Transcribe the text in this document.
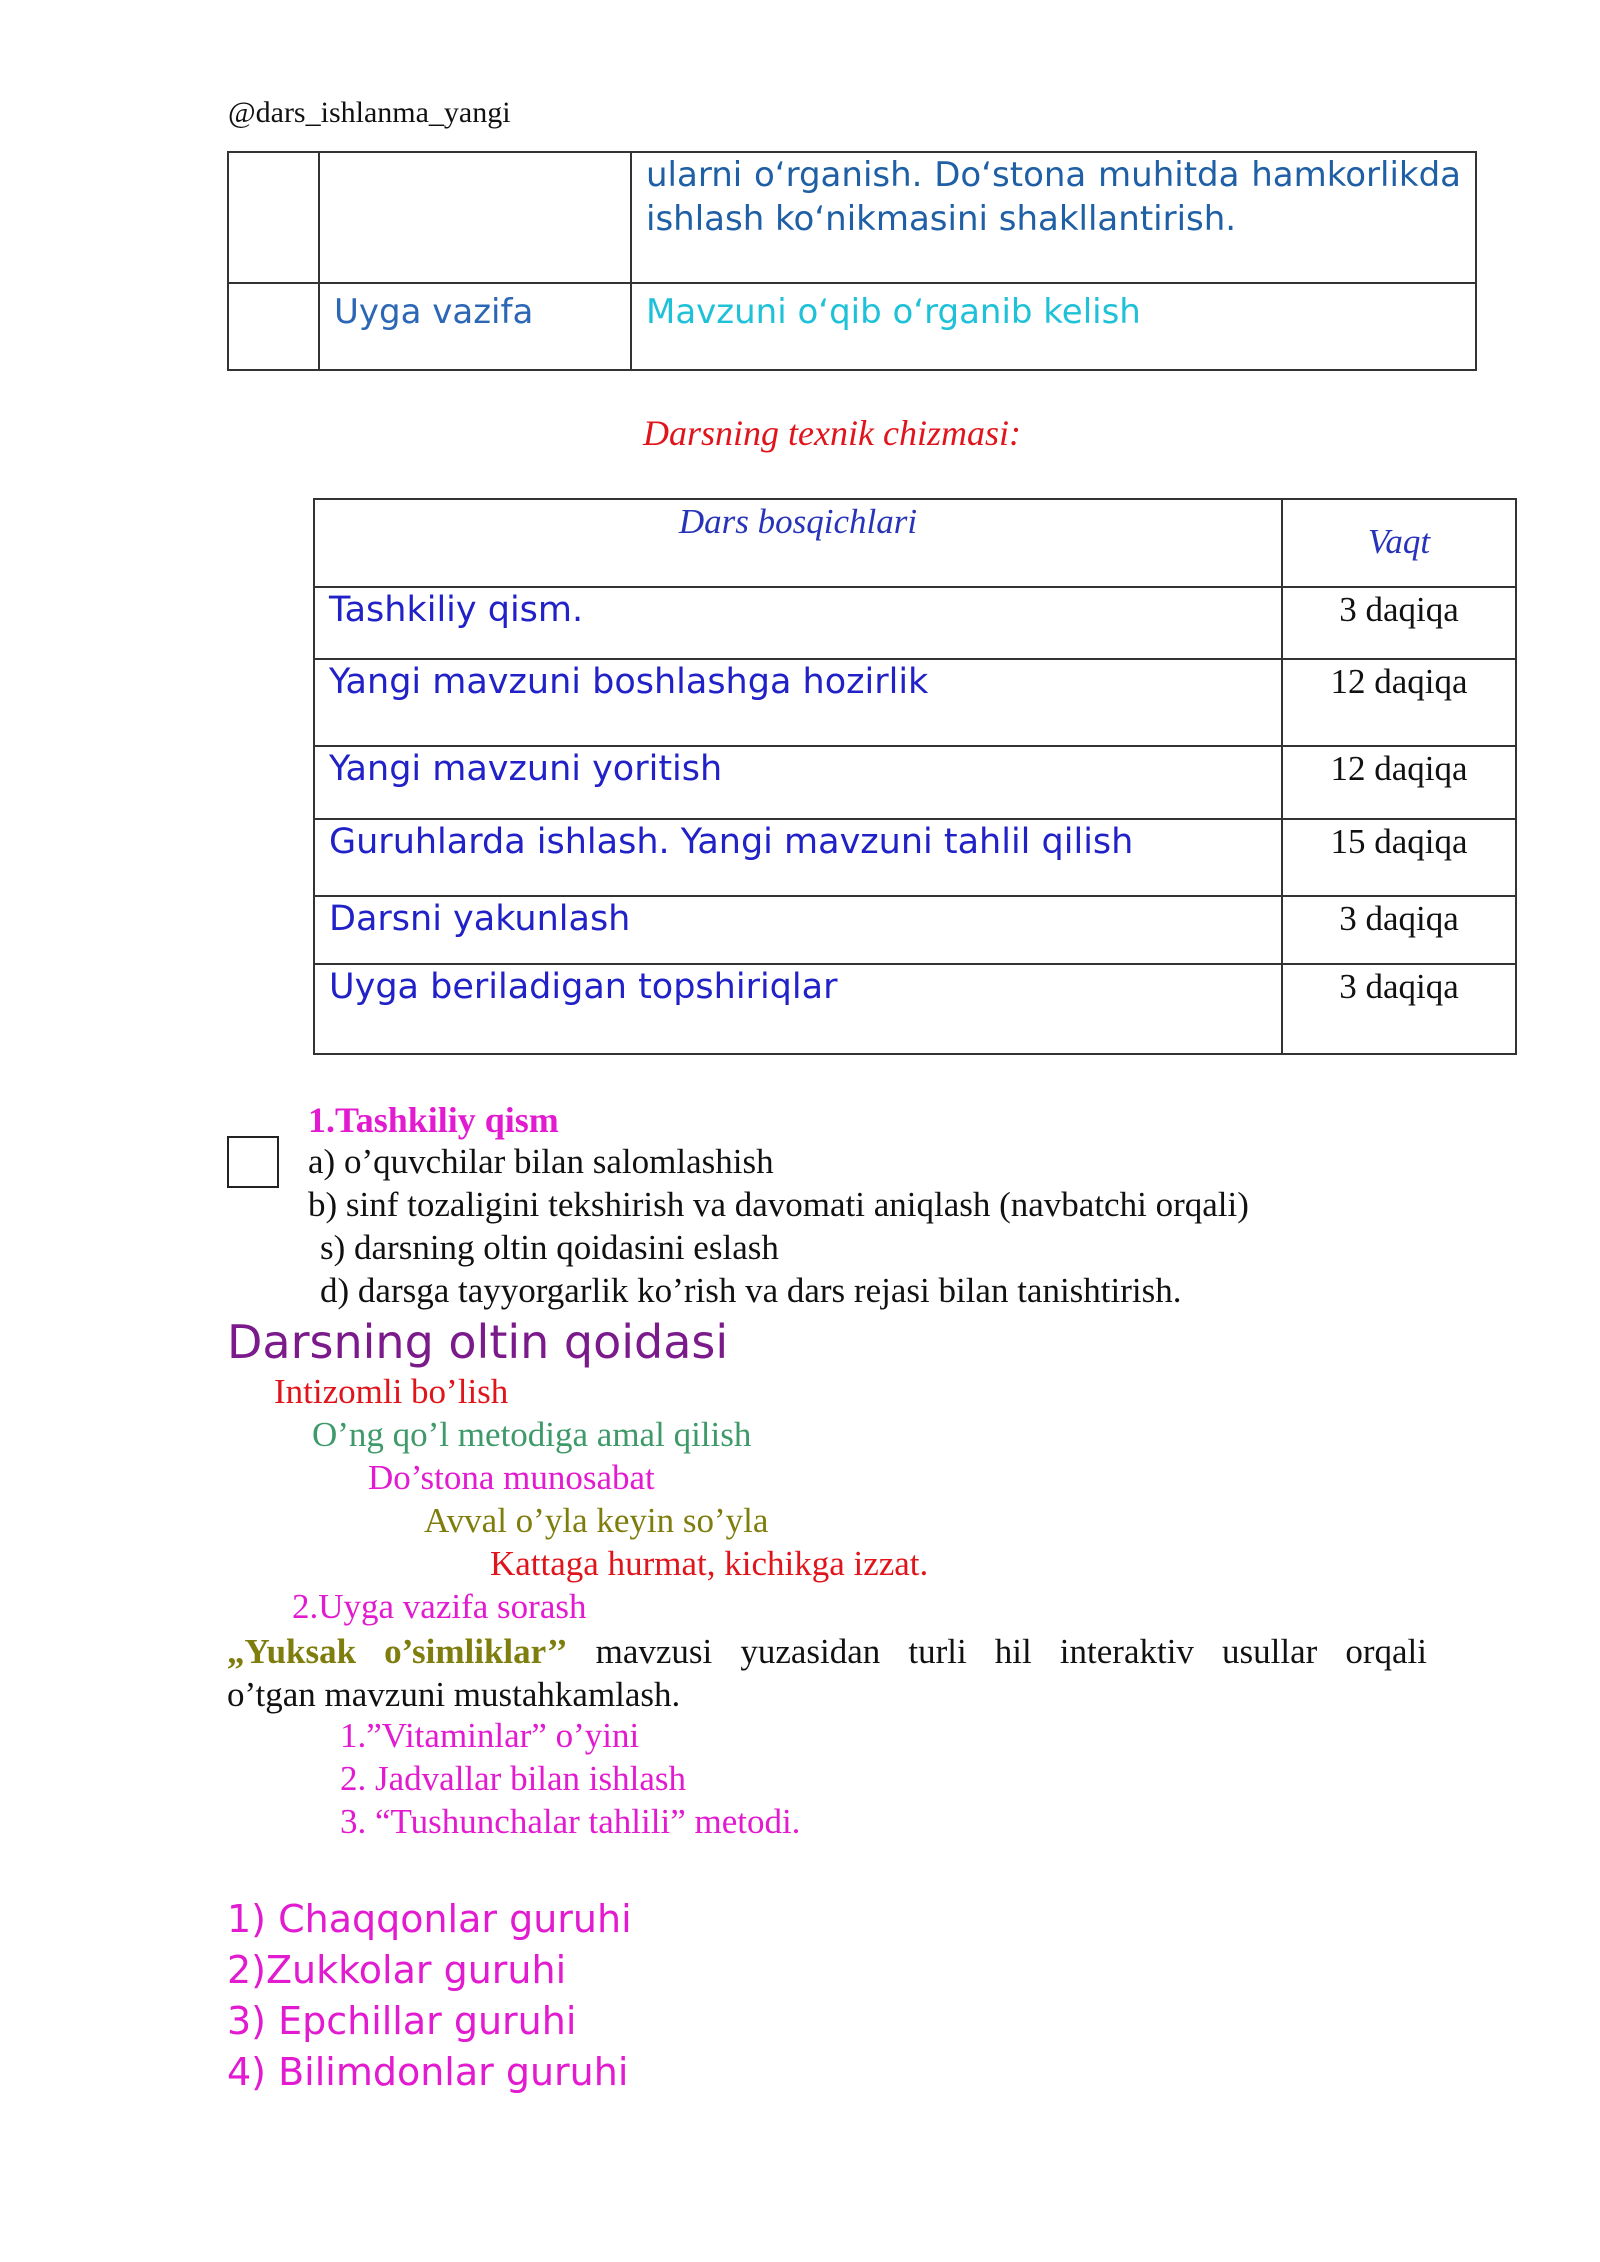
@dars_ishlanma_yangi

		ularni o‘rganish. Do‘stona muhitda hamkorlikda
ishlash ko‘nikmasini shakllantirish.

	Uyga vazifa	Mavzuni o‘qib o‘rganib kelish
Darsning texnik chizmasi:
Dars bosqichlari	Vaqt
Tashkiliy qism.	3 daqiqa
Yangi mavzuni boshlashga hozirlik	12 daqiqa
Yangi mavzuni yoritish	12 daqiqa
Guruhlarda ishlash. Yangi mavzuni tahlil qilish	15 daqiqa
Darsni yakunlash	3 daqiqa
Uyga beriladigan topshiriqlar	3 daqiqa
1.Tashkiliy qism
a) o’quvchilar bilan salomlashish
b) sinf tozaligini tekshirish va davomati aniqlash (navbatchi orqali)
s) darsning oltin qoidasini eslash
d) darsga tayyorgarlik ko’rish va dars rejasi bilan tanishtirish.
Darsning oltin qoidasi
Intizomli bo’lish
O’ng qo’l metodiga amal qilish
Do’stona munosabat
Avval o’yla keyin so’yla
Kattaga hurmat, kichikga izzat.
2.Uyga vazifa sorash
„Yuksak o’simliklar’’ mavzusi yuzasidan turli hil interaktiv usullar orqali
o’tgan mavzuni mustahkamlash.
1.”Vitaminlar” o’yini
2. Jadvallar bilan ishlash
3. “Tushunchalar tahlili” metodi.
1) Chaqqonlar guruhi
2)Zukkolar guruhi
3) Epchillar guruhi
4) Bilimdonlar guruhi
